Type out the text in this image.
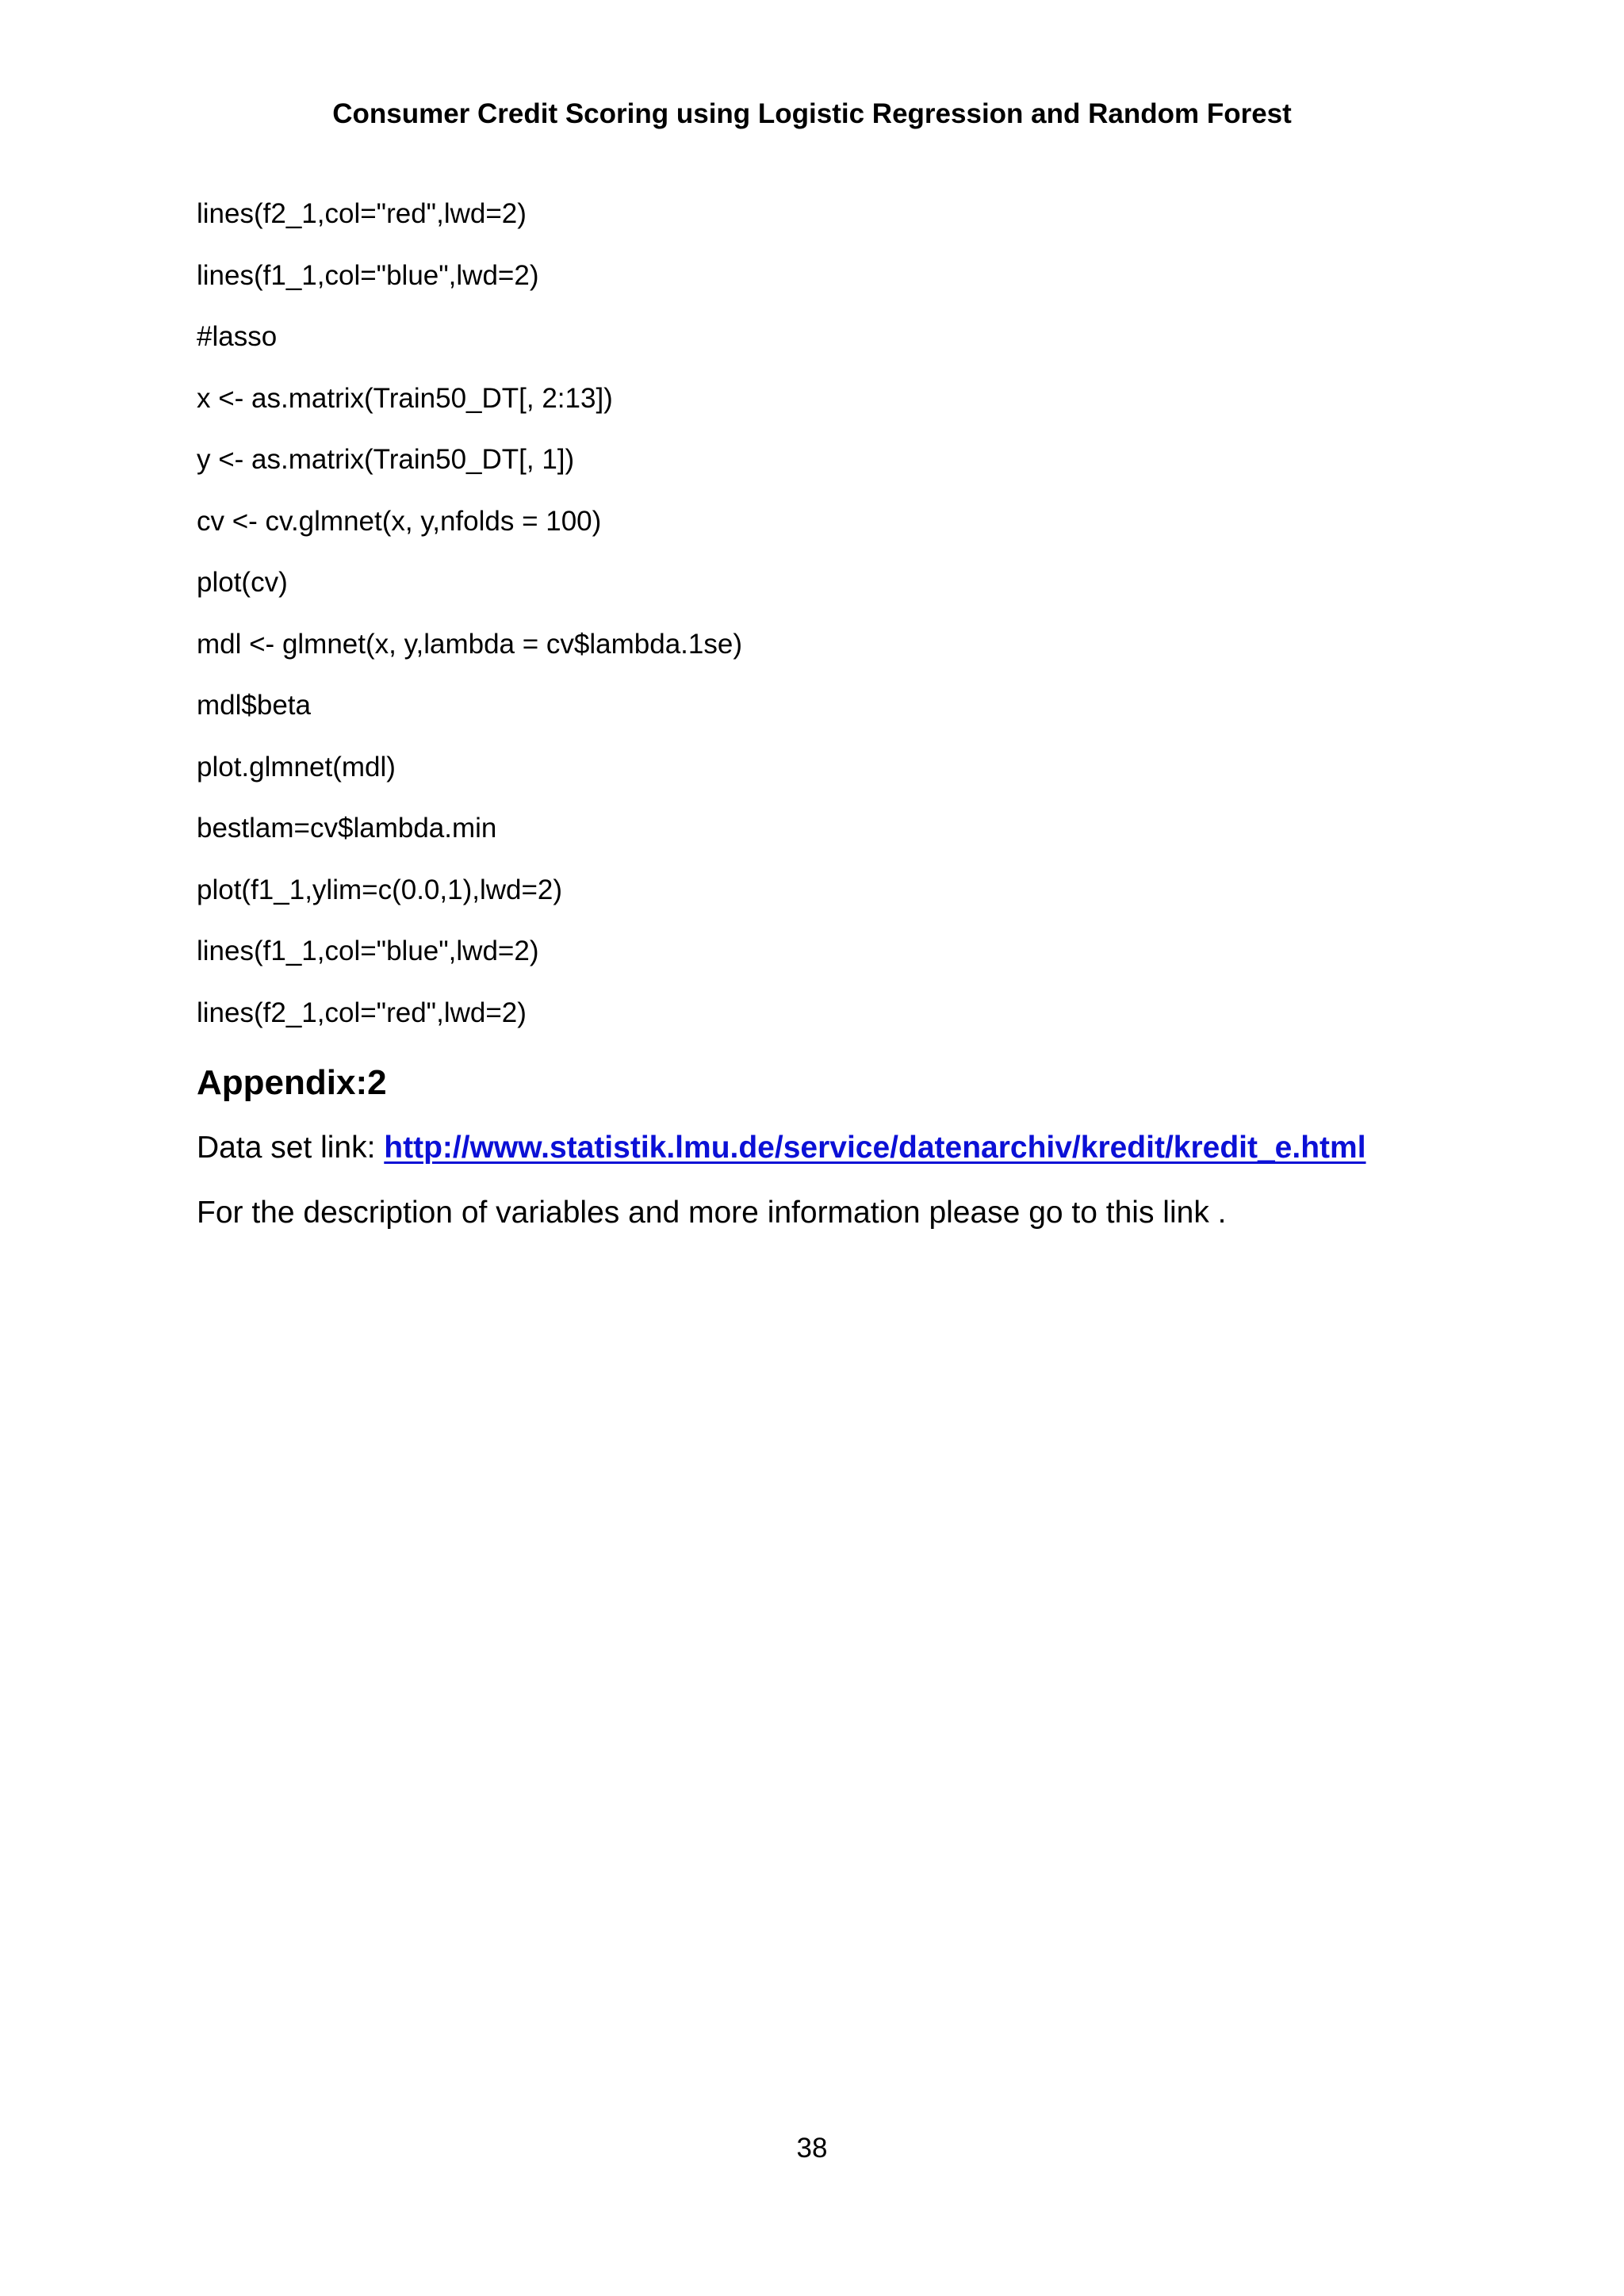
Consumer Credit Scoring using Logistic Regression and Random Forest
lines(f2_1,col="red",lwd=2)
lines(f1_1,col="blue",lwd=2)
#lasso
x <- as.matrix(Train50_DT[, 2:13])
y <- as.matrix(Train50_DT[, 1])
cv <- cv.glmnet(x, y,nfolds = 100)
plot(cv)
mdl <- glmnet(x, y,lambda = cv$lambda.1se)
mdl$beta
plot.glmnet(mdl)
bestlam=cv$lambda.min
plot(f1_1,ylim=c(0.0,1),lwd=2)
lines(f1_1,col="blue",lwd=2)
lines(f2_1,col="red",lwd=2)
Appendix:2
Data set link: http://www.statistik.lmu.de/service/datenarchiv/kredit/kredit_e.html
For the description of variables and more information please go to this link .
38
